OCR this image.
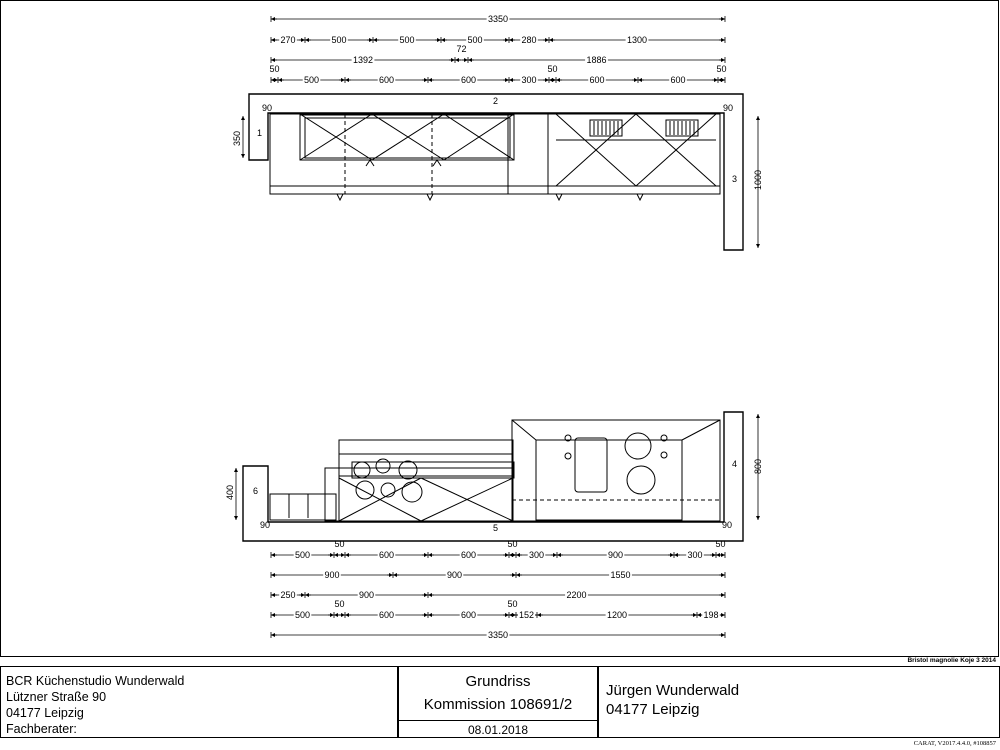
3350
270	500	500	500	280	1300
1392
72
1886
50
500	600	600	300
50
600	600
50
500
50
600	600
50
300	900	300
50
900	900	1550
250	900	2200
500
50
600	600
50
152	1200	198
3350
1
2
3
4
5
6
90	90
90	90
350
1000
400
800
Bristol magnolie Koje 3 2014
BCR Küchenstudio Wunderwald
Lützner Straße 90
04177 Leipzig
Fachberater:
Grundriss
Kommission 108691/2
08.01.2018
Jürgen Wunderwald
04177 Leipzig
CARAT, V2017.4.4.0, #108857
